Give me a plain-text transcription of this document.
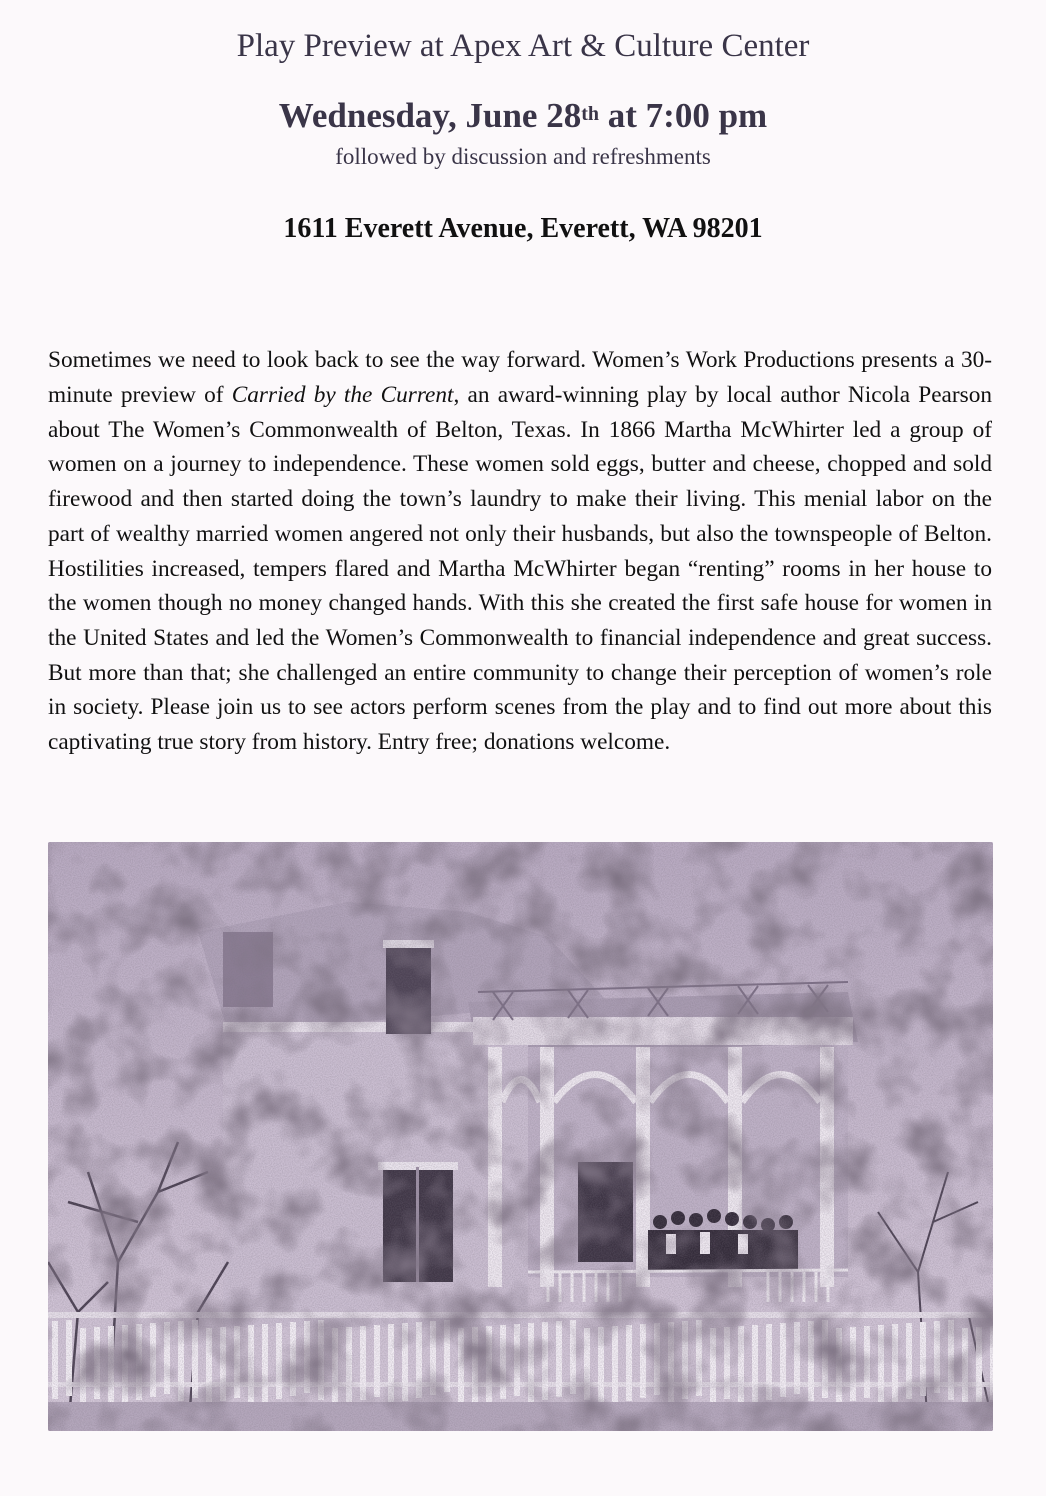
Play Preview at Apex Art & Culture Center
Wednesday, June 28th at 7:00 pm
followed by discussion and refreshments
1611 Everett Avenue, Everett, WA 98201

Sometimes we need to look back to see the way forward. Women’s Work Productions presents a 30-minute preview of Carried by the Current, an award-winning play by local author Nicola Pearson about The Women’s Commonwealth of Belton, Texas. In 1866 Martha McWhirter led a group of women on a journey to independence. These women sold eggs, butter and cheese, chopped and sold firewood and then started doing the town’s laundry to make their living. This menial labor on the part of wealthy married women angered not only their husbands, but also the townspeople of Belton. Hostilities increased, tempers flared and Martha McWhirter began “renting” rooms in her house to the women though no money changed hands. With this she created the first safe house for women in the United States and led the Women’s Commonwealth to financial independence and great success. But more than that; she challenged an entire community to change their perception of women’s role in society. Please join us to see actors perform scenes from the play and to find out more about this captivating true story from history. Entry free; donations welcome.
